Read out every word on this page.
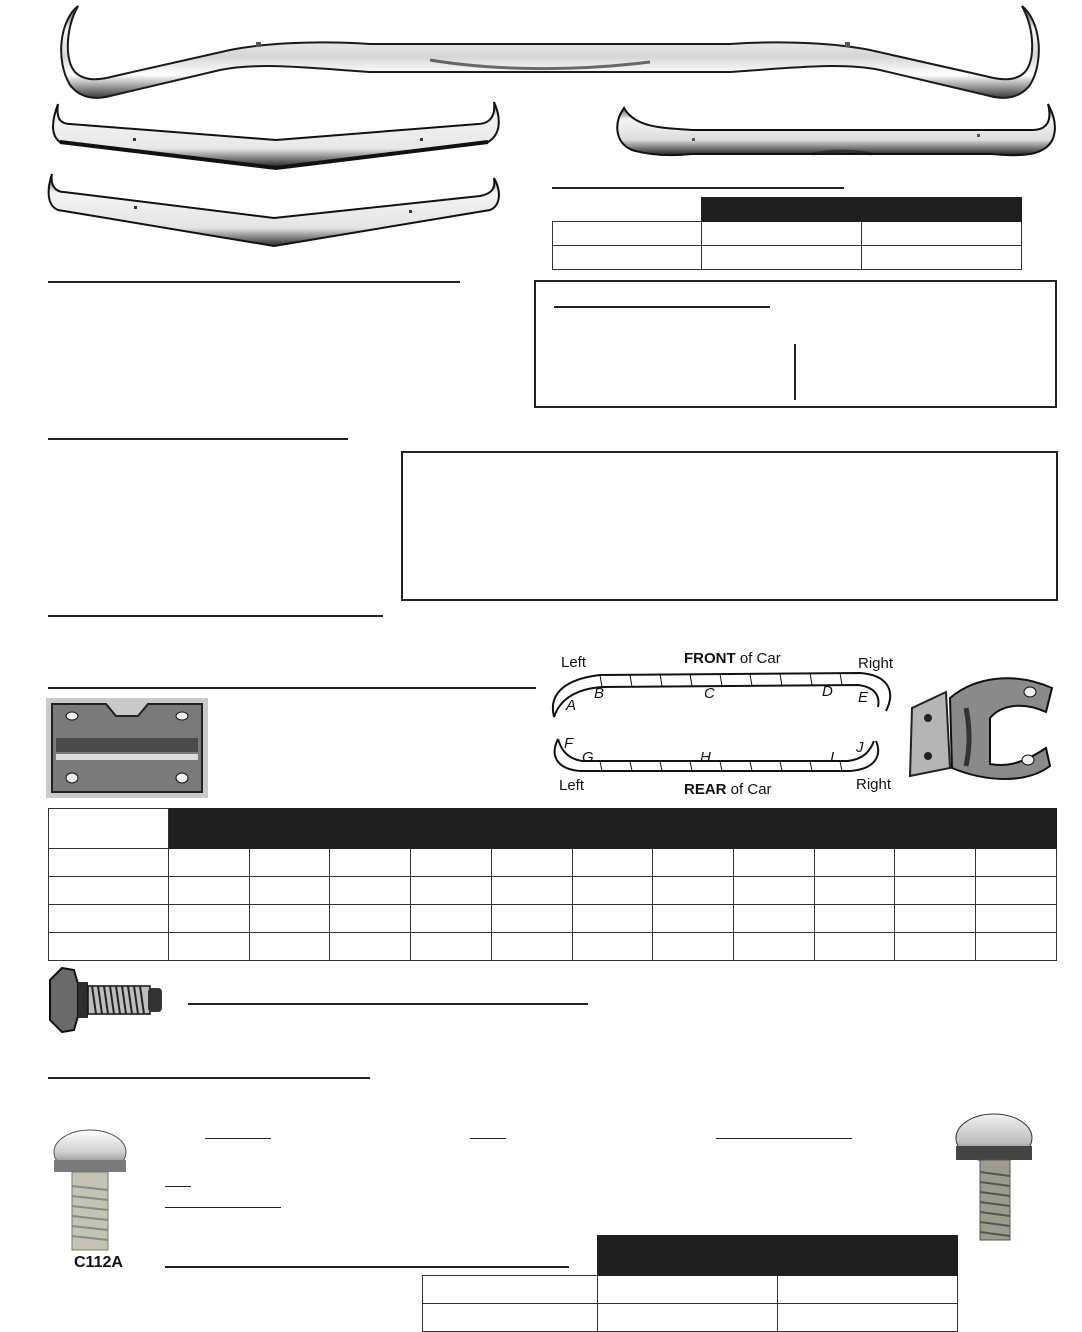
Left	FRONT of Car	Right
A
B	C	D E
F
G	H	I
J
Left	REAR of Car	Right

C112A
